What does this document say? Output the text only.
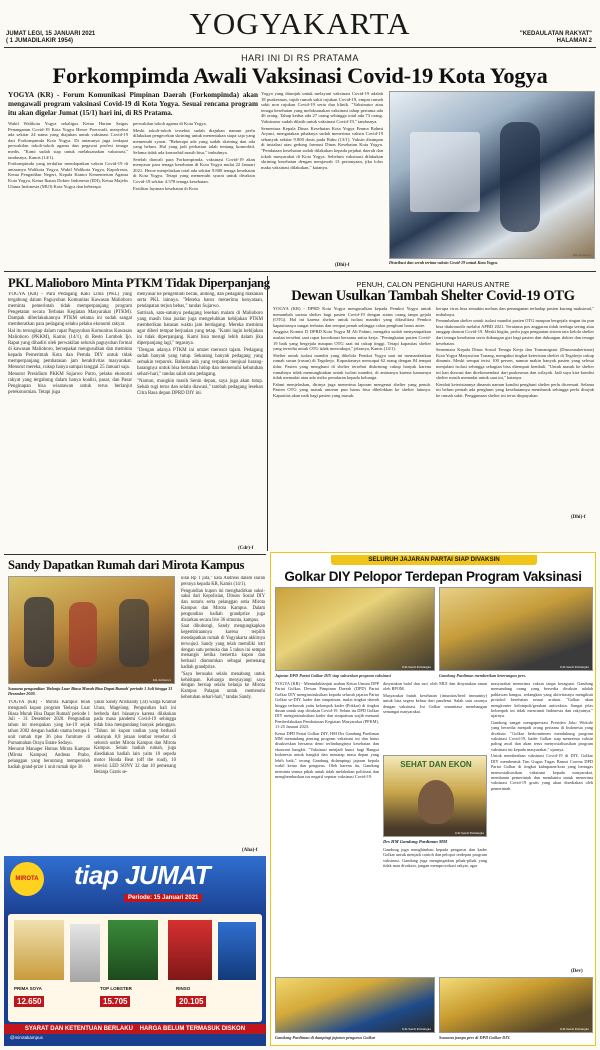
JUMAT LEGI, 15 JANUARI 2021
( 1 JUMADILAKIR 1954)	YOGYAKARTA	"KEDAULATAN RAKYAT"
HALAMAN 2
HARI INI DI RS PRATAMA
Forkompimda Awali Vaksinasi Covid-19 Kota Yogya
YOGYA (KR) - Forum Komunikasi Pimpinan Daerah (Forkompimda) akan mengawali program vaksinasi Covid-19 di Kota Yogya. Sesuai rencana program itu akan digelar Jumat (15/1) hari ini, di RS Pratama.

Wakil Walikota Yogya sekaligus Ketua Harian Satgas Penanganan Covid-19 Kota Yogya Heroe Poerwadi, menyebut ada sekitar 24 nama yang diajukan untuk vaksinasi Covid-19 dari Forkompimda Kota Yogya. Di antaranya juga terdapat perwakilan tokoh-tokoh agama dan pegawai profesi tenaga medis. "Kami sudah siap untuk melaksanakan vaksinasi," tandasnya, Kamis (14/1).

Forkompimda yang terdaftar mendapatkan vaksin Covid-19 di antaranya Walikota Yogya, Wakil Walikota Yogya, Kapolresta, Ketua Pengadilan Negeri, Kepala Kantor Kementerian Agama Kota Yogya, Ketua Ikatan Dokter Indonesia (IDI), Ketua Majelis Ulama Indonesia (MUI) Kota Yogya dan beberapa

perwakilan tokoh agama di Kota Yogya.

Meski tokoh-tokoh tersebut sudah diajukan namun perlu dilakukan pengecekan skrining untuk menentukan siapa saja yang memenuhi syarat. "Beberapa ada yang sudah skrining dan ada yang belum. Hal yang jadi perhatian ialah tentang komorbid. Selama tidak ada komorbid masih bisa," imbuhnya.

Setelah diawali para Forkompimda, vaksinasi Covid-19 akan menyasar para tenaga kesehatan di Kota Yogya mulai 22 Januari 2021. Heroe menjelaskan total ada sekitar 9.800 tenaga kesehatan di Kota Yogya. Tetapi yang memenuhi syarat untuk divaksin Covid-19 sekitar 4.578 tenaga kesehatan.

Fasilitas layanan kesehatan di Kota

Yogya yang ditunjuk untuk melayani vaksinasi Covid-19 adalah 18 puskesmas, tujuh rumah sakit rujukan Covid-19, empat rumah sakit non rujukan Covid-19 serta dua klinik. "Vaksinator atau tenaga kesehatan yang melaksanakan vaksinasi tahap pertama ada 46 orang. Tahap kedua ada 27 orang sehingga total ada 73 orang. Vaksinator sudah dilatih untuk vaksinasi Covid-19," tandasnya.

Sementara Kepala Dinas Kesehatan Kota Yogya Emma Rahmi Aryani, mengatakan pihaknya sudah menerima vaksin Covid-19 sebanyak sekitar 9.800 dosis pada Rabu (13/1). Vaksin disimpan di instalasi atau gedung farmasi Dinas Kesehatan Kota Yogya. "Pendataan kesehatan sudah dilakukan kepada pejabat daerah dan tokoh masyarakat di Kota Yogya. Sebelum vaksinasi dilakukan skrining kesehatan dengan menjawab 13 pertanyaan, jika lolos maka vaksinasi dilakukan," katanya.

(Dhi)-f
KR-Istimewa
Distribusi dan serah terima vaksin Covid-19 untuk Kota Yogya.
PKL Malioboro Minta PTKM Tidak Diperpanjang

YOGYA (KR) - Para Pedagang Kaki Lima (PKL) yang tergabung dalam Paguyuban Komunitas Kawasan Malioboro meminta pemerintah tidak memperpanjang program Pengetatan secara Terbatas Kegiatan Masyarakat (PTKM). Dampak diberlakukannya PTKM selama ini sudah sangat memberatkan para pedagang selaku pelaku ekonomi rakyat.

Hal itu terungkap dalam rapat Paguyuban Komunitas Kawasan Malioboro (PKKM), Kamis (14/1), di Resto Lombok Ijo. Rapat yang dihadiri oleh perwakilan seluruh paguyuban formal di kawasan Malioboro, bersepakat mengusulkan dan meminta kepada Pemerintah Kota dan Pemda DIY untuk tidak memperpanjang pembatasan jam beraktivitas masyarakat. Menurut mereka, cukup hanya sampai tanggal 25 Januari saja.

Menurut Presidium PKKM Sujarwo Putro, pelaku ekonomi rakyat yang tergabung dalam hanya koalisi, pasar, dan Pasar Penginapan bisa wisatawan untuk terus berlanjut perekonomian. Tetapi juga

menyasar ke pengemudi becak, andong, dan pedagang makanan serta PKL lainnya. "Mereka harus menerima kenyataan, pendapatan terjun bebas," tandas Sujarwo.

Sutrisah, satu-satunya pedagang lesehan malam di Malioboro yang masih bisa jualan juga mengeluhkan kebijakan PTKM memberikan batasan waktu jam berdagang. Mereka meminta agar diberi tempat berjualan yang tetap. "Kami ingin kebijakan ini tidak diperpanjang. Kami bisa merugi lebih dalam jika diperpanjang lagi," tegasnya.

"Dengan adanya PTKM ini omzet merosot tajam. Pedagang sudah banyak yang tutup. Sekarang banyak pedagang yang semakin terpuruk. Bahkan ada yang terpaksa menjual barang-barangnya untuk bisa bertahan hidup dan memenuhi kebutuhan sehari-hari," tandas salah satu pedagang.

"Namun, mungkin masih Senin depan, saya juga akan tutup. Sebab rugi terus dan selalu diawasi," tambah pedagang lesehan Citra Rasa depan DPRD DIY ini.

(Cdr)-f
PENUH, CALON PENGHUNI HARUS ANTRE
Dewan Usulkan Tambah Shelter Covid-19 OTG

YOGYA (KR) - DPRD Kota Yogya mengusulkan kepada Pemkot Yogya untuk menambah sarana shelter bagi pasien Covid-19 dengan status orang tanpa gejala (OTG). Hal ini karena shelter untuk isolasi mandiri yang difasilitasi Pemkot kapasitasnya sangat terbatas dan sempat penuh sehingga calon penghuni harus antre.

Anggota Komisi D DPRD Kota Yogya M Ali Fahmi, mengaku sudah menyampaikan usulan tersebut saat rapat koordinasi bersama mitra kerja. "Peningkatan pasien Covid-19 baik yang bergejala maupun OTG saat ini cukup tinggi. Tetapi kapasitas shelter yang tersedia untuk OTG tidak mencukupi," jelasnya, Kamis (14/1).

Shelter untuk isolasi mandiri yang dikelola Pemkot Yogya saat ini memanfaatkan rumah susun (rusun) di Tegalrejo. Kapasitasnya mencapai 62 ruang dengan 84 tempat tidur. Pasien yang menghuni di shelter tersebut diskrining cukup banyak karena rumahnya tidak memungkinkan untuk isolasi mandiri, di antaranya karena kamarnya tidak memadai atau ada risiko penularan kepada keluarga.

Fahmi menjelaskan, dirinya juga menerima laporan mengenai shelter yang penuh. Pasien OTG yang masuk antrean pun harus bisa dibelokkan ke shelter lainnya. Kapasitas akan naik bagi pasien yang masuk.

berupa virus bisa semakin meluas dan penanganan terhadap pasien kurang maksimal," imbuhnya.

Penambahan shelter untuk isolasi mandiri pasien OTG maupun bergejala ringan itu pun bisa diakomodir melalui APBD 2021. Terutama pos anggaran tidak terduga sering atau tanggap darurat Covid-19. Meski begitu, perlu juga penguatan sistem tata kelola shelter dari tenaga kesehatan serta dukungan gizi bagi pasien dan dukungan dokter dan tenaga kesehatan.

Sementara Kepala Dinas Sosial Tenaga Kerja dan Transmigrasi (Dinsosnakertrans) Kota Yogya Maryustion Tonang, mengakui tingkat keterisian shelter di Tegalrejo cukup dinamis. Meski sempat terisi 100 persen, namun makin banyak pasien yang selesai menjalani isolasi sehingga sebagian bisa ditempati kembali. "Untuk masuk ke shelter ini kan diawasi dan direkomendasi dari puskesmas dan wilayah. Jadi saya kira kondisi shelter masih memadai untuk saat ini," katanya.

Kendati keterisiannya dinamis namun kondisi penghuni shelter perlu dicermati. Selama ini belum pernah ada penghuni yang kesehatannya memburuk sehingga perlu dirujuk ke rumah sakit. Penggunaan shelter ini terus diupayakan.

(Dhi)-f
Sandy Dapatkan Rumah dari Mirota Kampus
KR-Istimewa
Suasana pengundian 'Belanja Luar Biasa Murah Bisa Dapat Rumah' periode 1 Juli hingga 31 Desember 2020.

YOGYA (KR) - Mirota Kampus telah mengundi kupon program 'Belanja Luar Biasa Murah Bisa Dapat Rumah' periode 1 Juli - 31 Desember 2020. Pengundian tahun ini merupakan yang ke-19 sejak tahun 2002 dengan hadiah utama berupa 1 unit rumah tipe 36 plus furniture di Purnamahan Oraya Estate Sedayu.

Menurut Manager Humas Mirota Kampus (Mirota Kampus) Andreas Prabo, pelanggan yang beruntung memperoleh hadiah grand-prize 1 unit rumah tipe 36

yakni Sandy Aristiandy (34) warga Kramat Utara, Magelang. Pengundian kali ini berbeda dari biasanya karena dilakukan pada masa pandemi Covid-19 sehingga tidak bisa mengundang banyak pelanggan. "Tahun ini kupon undian yang berhasil sebanyak 8,8 jutaan lembar tersebar di seluruh outlet Mirota Kampus dan Mirota Kampus. Selain hadiah rumah, juga disediakan hadiah lain yaitu 10 sepeda motor Honda Beat (off the road), 10 televisi LED SONY 32 dan 10 pemenang Belanja Gratis se-

nilai Rp 1 juta," kata Andreas dalam siaran persnya kepada KR, Kamis (14/1).

Pengundian kupon ini menghadirkan saksi-saksi dari Kepolisian, Dinsos Sosial DIY dan notaris serta pelanggan setia Mirota Kampus dan Mirota Kampus. Dalam pengundian hadiah grandprize juga disiarkan secara live 36 simunta, kampus.

Saat dihubungi, Sandy mengungkapkan kegembiraannya karena terpilih mendapatkan rumah di Yogyakarta akhirnya terwujud. Sandy yang telah memiliki istri dengan satu pemuka dan 5 tahun ini sempat menangis ketika bersertia kupon dan berhasil diumumkan sebagai pemenang hadiah grandprize.

"Saya berusaha selalu menabung untuk kehidupan. Keluarga menyayangi saya dengan bersiap selalu belanja ke Mirota Kampus Palagan untuk memenuhi kebutuhan sehari-hari," tandas Sandy.

(Aha)-f
MIROTA tiap JUMAT
Periode: 15 Januari 2021
PRIMA SOYA
12.650
TOP LOBSTER
15.705
RINSO
20.105
SYARAT DAN KETENTUAN BERLAKU HARGA BELUM TERMASUK DISKON
@mirotakampus
SELURUH JAJARAN PARTAI SIAP DIVAKSIN
Golkar DIY Pelopor Terdepan Program Vaksinasi
KR-Sendi Pamungka
Jajaran DPD Partai Golkar DIY siap sukseskan program vaksinasi
KR-Sendi Pamungka
Gandung Pardiman memberikan keterangan pers.

YOGYA (KR) - Menindaklanjuti arahan Ketua Umum DPP Partai Golkar, Dewan Pimpinan Daerah (DPD) Partai Golkar DIY menginstruksikan kepada seluruh jajaran Partai Golkar se-DIY, kader dan simpatisan, mulai tingkat daerah hingga terbawah yaitu kelompok kader (Pokkar) di tingkat dusun untuk siap divaksin Covid-19. Selain itu DPD Golkar DIY menginstruksikan kader dan simpatisan wajib menaati Pemberlakukan Pembatasan Kegiatan Masyarakat (PPKM), 11-25 Januari 2023.

Ketua DPD Partai Golkar DIY, HM Drs Gandung Pardiman MM menandang penting program vaksinasi ini dan harus disukseskan bersama demi terlindunginya kesehatan dan ekonomi bangkit. "Vaksinasi menjadi kunci bagi Bangsa Indonesia untuk bangkit dan menatap masa depan yang lebih baik," terang Gandung didampingi jajaran kepala wakil ketua dan pengurus. Oleh karena itu, Gandung meminta semua pihak untuk tidak melakukan politisasi dan menghembuskan isu negatif seputar vaksinasi Covid-19.

dinyatakan halal dan suci oleh MUI dan dinyatakan aman oleh BPOM.

Masyarakat butuh kesehatan (imunitas/herd immunity) untuk bisa segera keluar dari pandemi. Salah satu caranya dengan vaksinasi. Ini Golkar senantiasa membangun semangat masyarakat.

SEHAT DAN EKON
KR-Sendi Pamungka
Drs HM Gandung Pardiman MM

Gandung juga menghimbau kepada pengurus dan kader Golkar untuk menjadi contoh dan pelopor terdepan program vaksinasi. Gandung juga mengingatkan pihak-pihak yang tidak mau divaksin, jangan memprovokasi rakyat, agar

masyarakat menerima vaksin tanpa keraguan. Gandung memandang orang yang bersedia divaksin adalah pahlawan bangsa, sedangkan yang aktivitasnya mengikuti protokol kesehatan sesuai arahan. "Golkar akan mengkonter kelompok/gerakan antivaksin. Sangat jelas kelompok ini tidak mencintai Indonesia dan rakyatnya," ujarnya.

Gandung sangat mengapresiasi Presiden Joko Widodo yang bersedia menjadi orang pertama di Indonesia yang divaksin. "Golkar berkomitmen mendukung program vaksinasi Covid-19, kader Golkar siap menerima vaksin paling awal dan akan terus menyosialisasikan program vaksinasi ini kepada masyarakat," ujarnya.

Untuk memberikan vaksinasi Covid-19 di DIY, Golkar DIY membentuk Tim Gugus Tugas Bazmi Corona DPD Partai Golkar di tingkat kabupaten/kota yang bertugas mensosialisasikan vaksinasi kepada masyarakat, membantu pemerintah dan membantu untuk menerima vaksinasi Covid-19 gratis yang akan disediakan oleh pemerintah.

(Dev)
KR-Sendi Pamungka
Gandung Pardiman di dampingi jajaran pengurus Golkar
KR-Sendi Pamungka
Suasana jumpa pers di DPD Golkar DIY.
